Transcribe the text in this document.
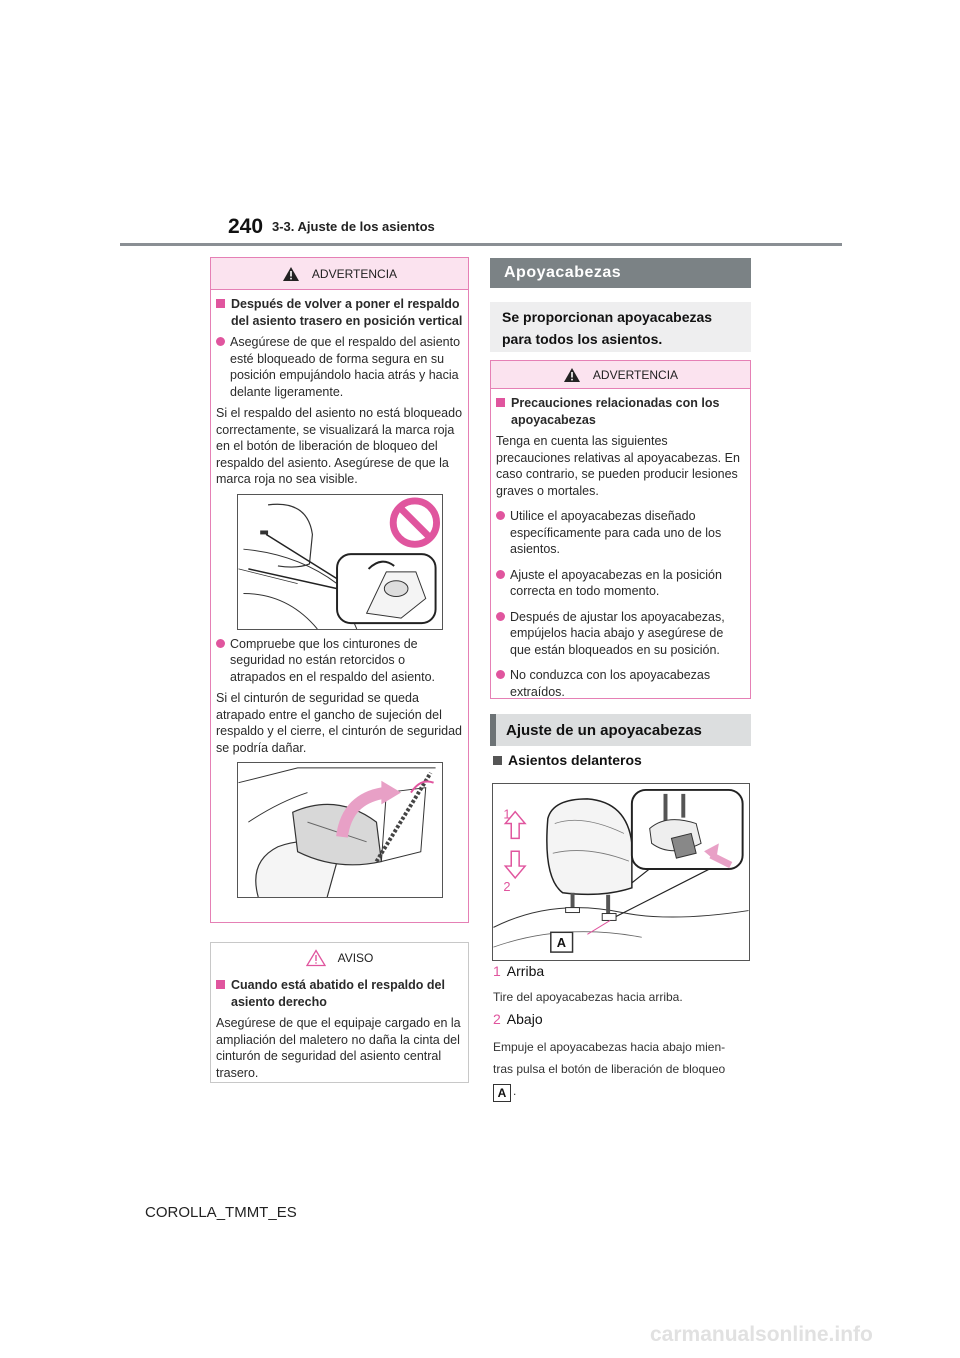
240 3-3. Ajuste de los asientos
ADVERTENCIA
Después de volver a poner el respaldo del asiento trasero en posición vertical
Asegúrese de que el respaldo del asiento esté bloqueado de forma segura en su posición empujándolo hacia atrás y hacia delante ligeramente.
Si el respaldo del asiento no está bloqueado correctamente, se visualizará la marca roja en el botón de liberación de bloqueo del respaldo del asiento. Asegúrese de que la marca roja no sea visible.
Compruebe que los cinturones de seguridad no están retorcidos o atrapados en el respaldo del asiento.
Si el cinturón de seguridad se queda atrapado entre el gancho de sujeción del respaldo y el cierre, el cinturón de seguridad se podría dañar.
AVISO
Cuando está abatido el respaldo del asiento derecho
Asegúrese de que el equipaje cargado en la ampliación del maletero no daña la cinta del cinturón de seguridad del asiento central trasero.
Apoyacabezas
Se proporcionan apoyacabezas para todos los asientos.
ADVERTENCIA
Precauciones relacionadas con los apoyacabezas
Tenga en cuenta las siguientes precauciones relativas al apoyacabezas. En caso contrario, se pueden producir lesiones graves o mortales.
Utilice el apoyacabezas diseñado específicamente para cada uno de los asientos.
Ajuste el apoyacabezas en la posición correcta en todo momento.
Después de ajustar los apoyacabezas, empújelos hacia abajo y asegúrese de que están bloqueados en su posición.
No conduzca con los apoyacabezas extraídos.
Ajuste de un apoyacabezas
Asientos delanteros
1
2
A
1 Arriba
Tire del apoyacabezas hacia arriba.
2 Abajo
Empuje el apoyacabezas hacia abajo mien-
tras pulsa el botón de liberación de bloqueo
A .
COROLLA_TMMT_ES
carmanualsonline.info
